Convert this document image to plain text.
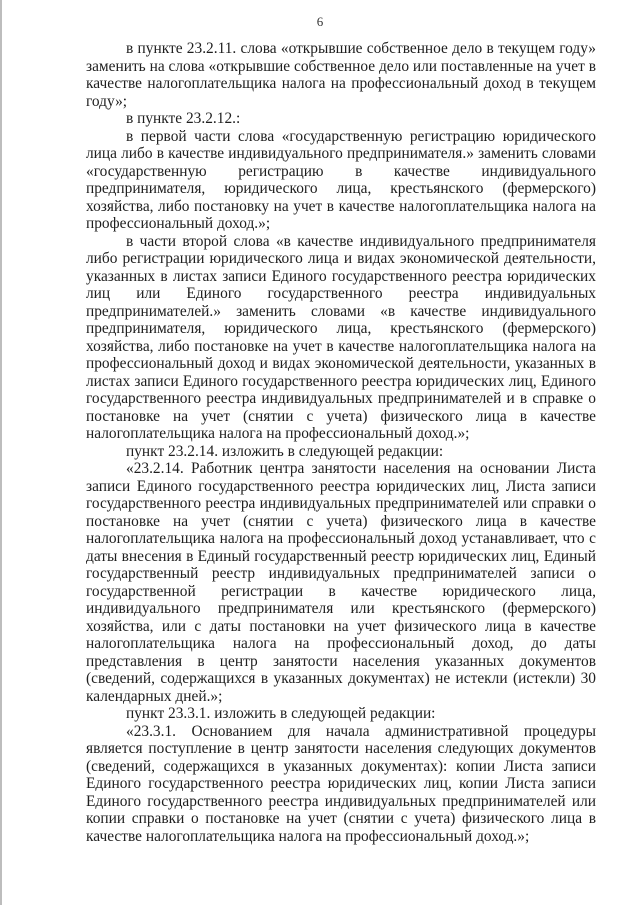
6

в пункте 23.2.11. слова «открывшие собственное дело в текущем году» заменить на слова «открывшие собственное дело или поставленные на учет в качестве налогоплательщика налога на профессиональный доход в текущем году»;

в пункте 23.2.12.:

в первой части слова «государственную регистрацию юридического лица либо в качестве индивидуального предпринимателя.» заменить словами «государственную регистрацию в качестве индивидуального предпринимателя, юридического лица, крестьянского (фермерского) хозяйства, либо постановку на учет в качестве налогоплательщика налога на профессиональный доход.»;

в части второй слова «в качестве индивидуального предпринимателя либо регистрации юридического лица и видах экономической деятельности, указанных в листах записи Единого государственного реестра юридических лиц или Единого государственного реестра индивидуальных предпринимателей.» заменить словами «в качестве индивидуального предпринимателя, юридического лица, крестьянского (фермерского) хозяйства, либо постановке на учет в качестве налогоплательщика налога на профессиональный доход и видах экономической деятельности, указанных в листах записи Единого государственного реестра юридических лиц, Единого государственного реестра индивидуальных предпринимателей и в справке о постановке на учет (снятии с учета) физического лица в качестве налогоплательщика налога на профессиональный доход.»;

пункт 23.2.14. изложить в следующей редакции:

«23.2.14. Работник центра занятости населения на основании Листа записи Единого государственного реестра юридических лиц, Листа записи государственного реестра индивидуальных предпринимателей или справки о постановке на учет (снятии с учета) физического лица в качестве налогоплательщика налога на профессиональный доход устанавливает, что с даты внесения в Единый государственный реестр юридических лиц, Единый государственный реестр индивидуальных предпринимателей записи о государственной регистрации в качестве юридического лица, индивидуального предпринимателя или крестьянского (фермерского) хозяйства, или с даты постановки на учет физического лица в качестве налогоплательщика налога на профессиональный доход, до даты представления в центр занятости населения указанных документов (сведений, содержащихся в указанных документах) не истекли (истекли) 30 календарных дней.»;

пункт 23.3.1. изложить в следующей редакции:

«23.3.1. Основанием для начала административной процедуры является поступление в центр занятости населения следующих документов (сведений, содержащихся в указанных документах): копии Листа записи Единого государственного реестра юридических лиц, копии Листа записи Единого государственного реестра индивидуальных предпринимателей или копии справки о постановке на учет (снятии с учета) физического лица в качестве налогоплательщика налога на профессиональный доход.»;
